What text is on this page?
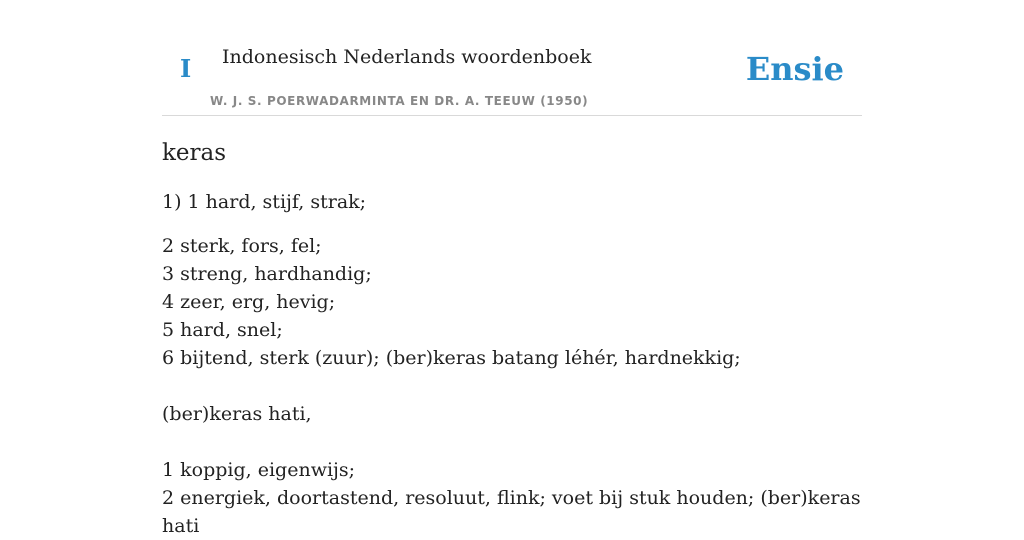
I Indonesisch Nederlands woordenboek
W. J. S. POERWADARMINTA EN DR. A. TEEUW (1950)
Ensie
keras
1) 1 hard, stijf, strak;
2 sterk, fors, fel;
3 streng, hardhandig;
4 zeer, erg, hevig;
5 hard, snel;
6 bijtend, sterk (zuur); (ber)keras batang léhér, hardnekkig;
(ber)keras hati,
1 koppig, eigenwijs;
2 energiek, doortastend, resoluut, flink; voet bij stuk houden; (ber)keras hati
